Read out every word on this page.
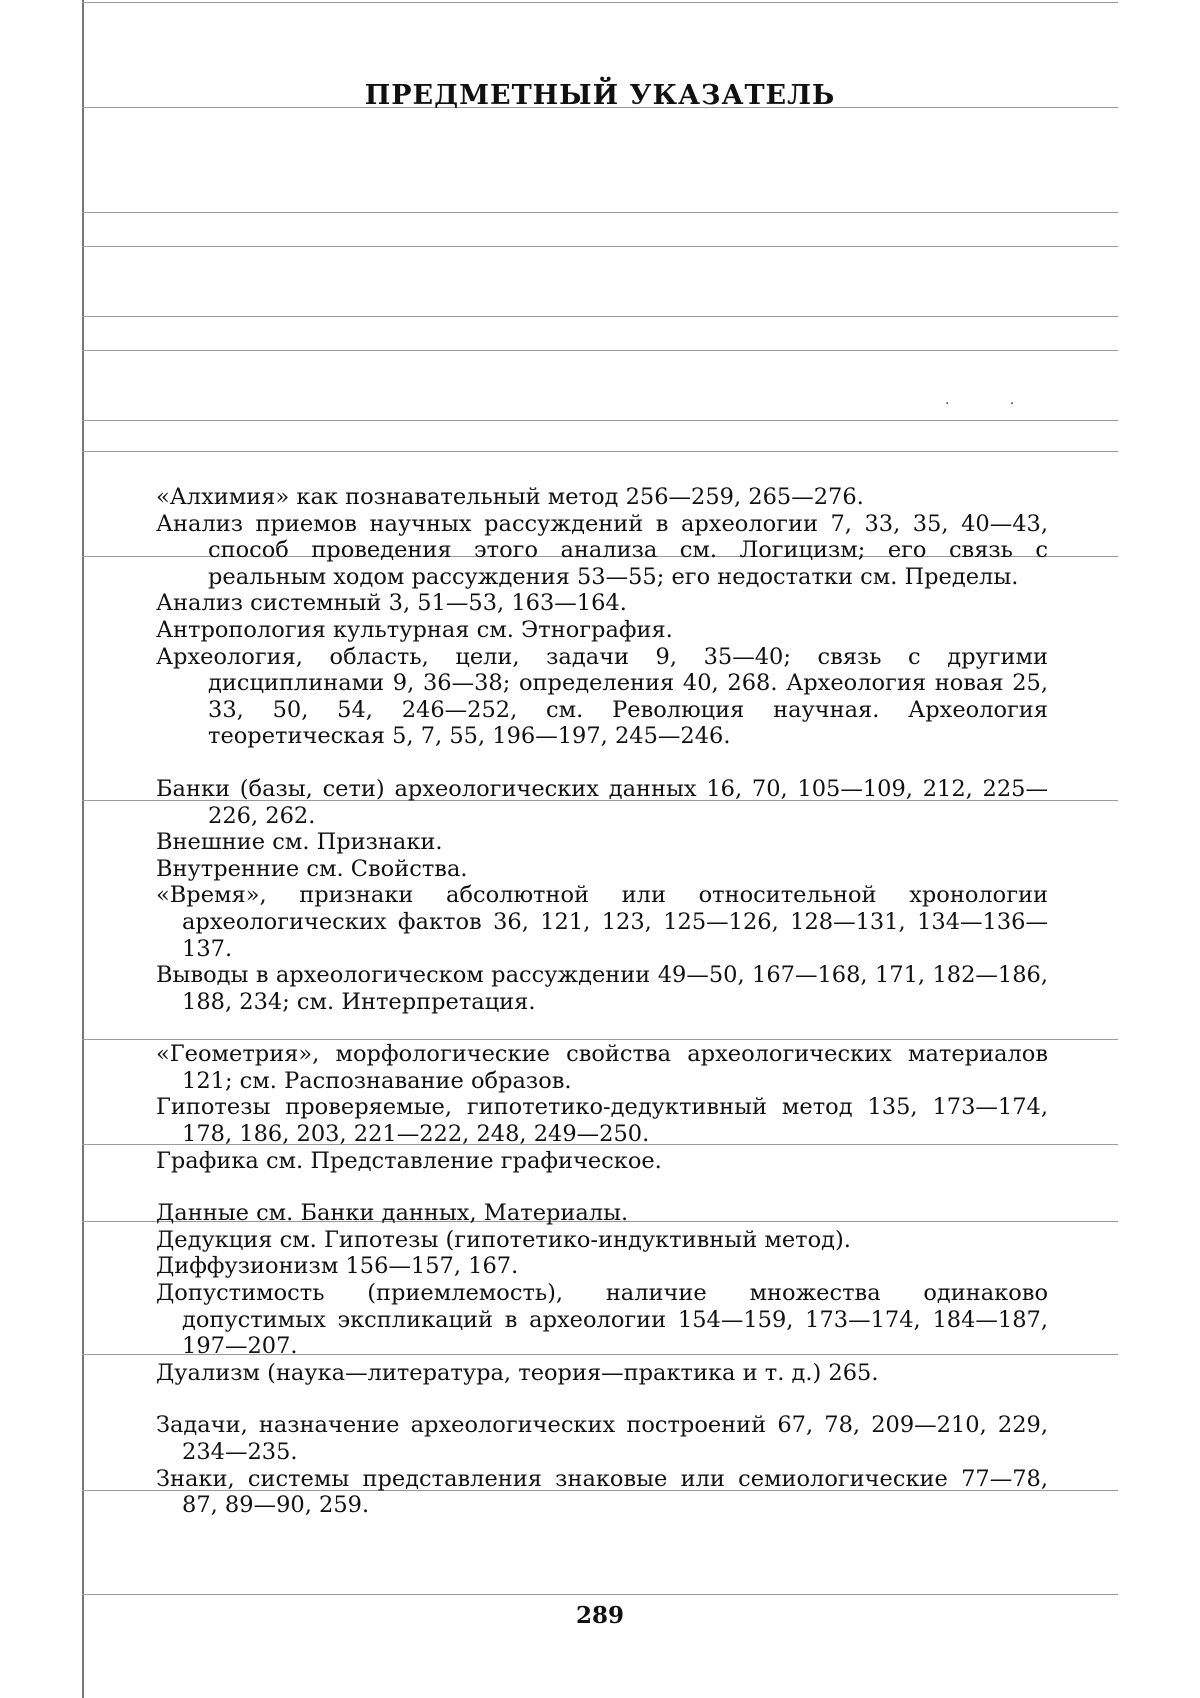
· ·
ПРЕДМЕТНЫЙ УКАЗАТЕЛЬ
«Алхимия» как познавательный метод 256—259, 265—276.
Анализ приемов научных рассуждений в археологии 7, 33, 35, 40—43, способ проведения этого анализа см. Логицизм; его связь с реальным ходом рассуждения 53—55; его недостатки см. Пределы.
Анализ системный 3, 51—53, 163—164.
Антропология культурная см. Этнография.
Археология, область, цели, задачи 9, 35—40; связь с другими дисциплинами 9, 36—38; определения 40, 268. Археология новая 25, 33, 50, 54, 246—252, см. Революция научная. Археология теоретическая 5, 7, 55, 196—197, 245—246.
Банки (базы, сети) археологических данных 16, 70, 105—109, 212, 225—226, 262.
Внешние см. Признаки.
Внутренние см. Свойства.
«Время», признаки абсолютной или относительной хронологии археологических фактов 36, 121, 123, 125—126, 128—131, 134—136—137.
Выводы в археологическом рассуждении 49—50, 167—168, 171, 182—186, 188, 234; см. Интерпретация.
«Геометрия», морфологические свойства археологических материалов 121; см. Распознавание образов.
Гипотезы проверяемые, гипотетико-дедуктивный метод 135, 173—174, 178, 186, 203, 221—222, 248, 249—250.
Графика см. Представление графическое.
Данные см. Банки данных, Материалы.
Дедукция см. Гипотезы (гипотетико-индуктивный метод).
Диффузионизм 156—157, 167.
Допустимость (приемлемость), наличие множества одинаково допустимых экспликаций в археологии 154—159, 173—174, 184—187, 197—207.
Дуализм (наука—литература, теория—практика и т. д.) 265.
Задачи, назначение археологических построений 67, 78, 209—210, 229, 234—235.
Знаки, системы представления знаковые или семиологические 77—78, 87, 89—90, 259.
289
